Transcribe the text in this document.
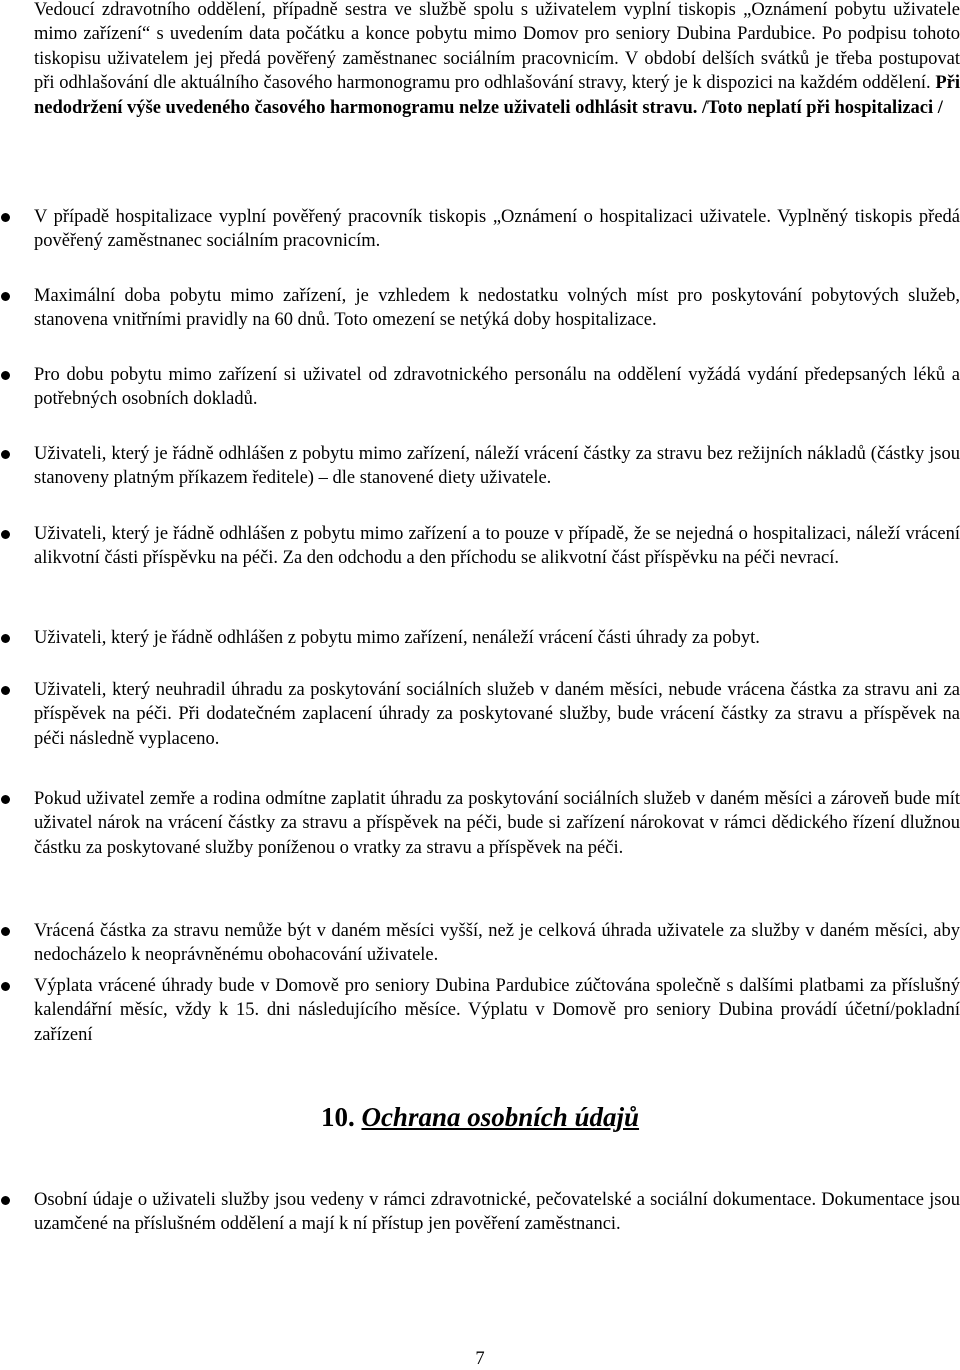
Vedoucí zdravotního oddělení, případně sestra ve službě spolu s uživatelem vyplní tiskopis „Oznámení pobytu uživatele mimo zařízení“ s uvedením data počátku a konce pobytu mimo Domov pro seniory Dubina Pardubice. Po podpisu tohoto tiskopisu uživatelem jej předá pověřený zaměstnanec sociálním pracovnicím. V období delších svátků je třeba postupovat při odhlašování dle aktuálního časového harmonogramu pro odhlašování stravy, který je k dispozici na každém oddělení. Při nedodržení výše uvedeného časového harmonogramu nelze uživateli odhlásit stravu. /Toto neplatí při hospitalizaci /

V případě hospitalizace vyplní pověřený pracovník tiskopis „Oznámení o hospitalizaci uživatele. Vyplněný tiskopis předá pověřený zaměstnanec sociálním pracovnicím.

Maximální doba pobytu mimo zařízení, je vzhledem k nedostatku volných míst pro poskytování pobytových služeb, stanovena vnitřními pravidly na 60 dnů. Toto omezení se netýká doby hospitalizace.

Pro dobu pobytu mimo zařízení si uživatel od zdravotnického personálu na oddělení vyžádá vydání předepsaných léků a potřebných osobních dokladů.

Uživateli, který je řádně odhlášen z pobytu mimo zařízení, náleží vrácení částky za stravu bez režijních nákladů (částky jsou stanoveny platným příkazem ředitele) – dle stanovené diety uživatele.

Uživateli, který je řádně odhlášen z pobytu mimo zařízení a to pouze v případě, že se nejedná o hospitalizaci, náleží vrácení alikvotní části příspěvku na péči. Za den odchodu a den příchodu se alikvotní část příspěvku na péči nevrací.

Uživateli, který je řádně odhlášen z pobytu mimo zařízení, nenáleží vrácení části úhrady za pobyt.

Uživateli, který neuhradil úhradu za poskytování sociálních služeb v daném měsíci, nebude vrácena částka za stravu ani za příspěvek na péči. Při dodatečném zaplacení úhrady za poskytované služby, bude vrácení částky za stravu a příspěvek na péči následně vyplaceno.

Pokud uživatel zemře a rodina odmítne zaplatit úhradu za poskytování sociálních služeb v daném měsíci a zároveň bude mít uživatel nárok na vrácení částky za stravu a příspěvek na péči, bude si zařízení nárokovat v rámci dědického řízení dlužnou částku za poskytované služby poníženou o vratky za stravu a příspěvek na péči.

Vrácená částka za stravu nemůže být v daném měsíci vyšší, než je celková úhrada uživatele za služby v daném měsíci, aby nedocházelo k neoprávněnému obohacování uživatele.

Výplata vrácené úhrady bude v Domově pro seniory Dubina Pardubice zúčtována společně s dalšími platbami za příslušný kalendářní měsíc, vždy k 15. dni následujícího měsíce. Výplatu v Domově pro seniory Dubina provádí účetní/pokladní zařízení

10. Ochrana osobních údajů

Osobní údaje o uživateli služby jsou vedeny v rámci zdravotnické, pečovatelské a sociální dokumentace. Dokumentace jsou uzamčené na příslušném oddělení a mají k ní přístup jen pověření zaměstnanci.

7
